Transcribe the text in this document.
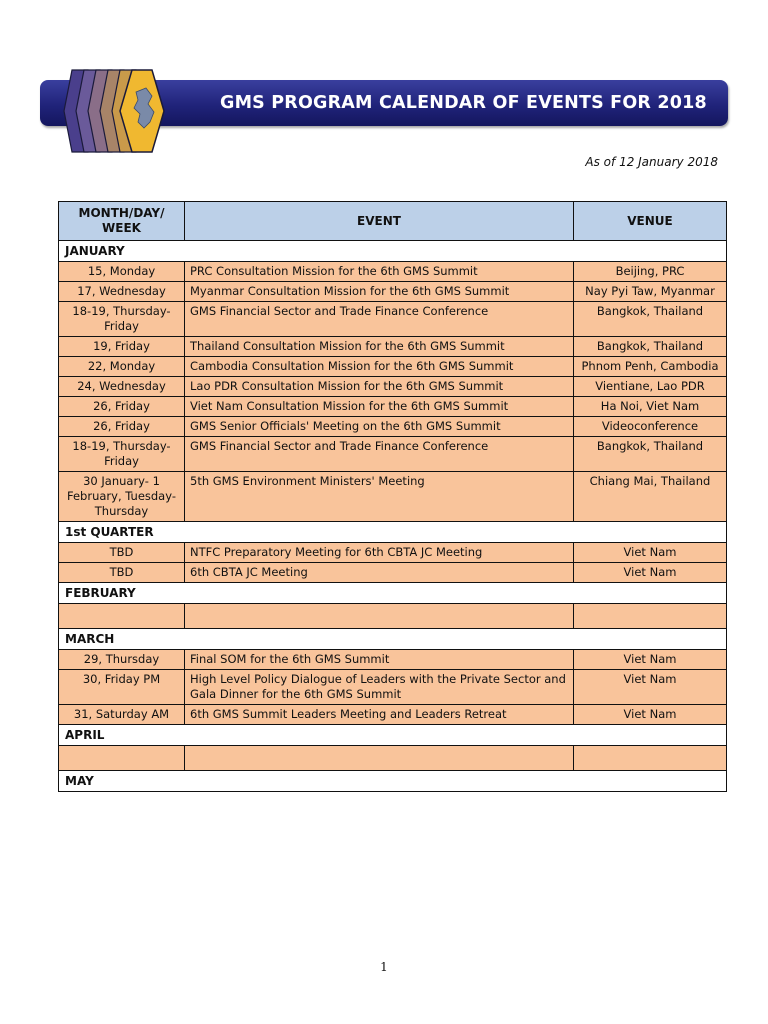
GMS PROGRAM CALENDAR OF EVENTS FOR 2018
As of 12 January 2018
MONTH/DAY/ WEEK	EVENT	VENUE
JANUARY		
15, Monday	PRC Consultation Mission for the 6th GMS Summit	Beijing, PRC
17, Wednesday	Myanmar Consultation Mission for the 6th GMS Summit	Nay Pyi Taw, Myanmar
18-19, Thursday-Friday	GMS Financial Sector and Trade Finance Conference	Bangkok, Thailand
19, Friday	Thailand Consultation Mission for the 6th GMS Summit	Bangkok, Thailand
22, Monday	Cambodia Consultation Mission for the 6th GMS Summit	Phnom Penh, Cambodia
24, Wednesday	Lao PDR Consultation Mission for the 6th GMS Summit	Vientiane, Lao PDR
26, Friday	Viet Nam Consultation Mission for the 6th GMS Summit	Ha Noi, Viet Nam
26, Friday	GMS Senior Officials' Meeting on the 6th GMS Summit	Videoconference
18-19, Thursday-Friday	GMS Financial Sector and Trade Finance Conference	Bangkok, Thailand
30 January- 1 February, Tuesday-Thursday	5th GMS Environment Ministers' Meeting	Chiang Mai, Thailand
1st QUARTER		
TBD	NTFC Preparatory Meeting for 6th CBTA JC Meeting	Viet Nam
TBD	6th CBTA JC Meeting	Viet Nam
FEBRUARY		

MARCH		
29, Thursday	Final SOM for the 6th GMS Summit	Viet Nam
30, Friday PM	High Level Policy Dialogue of Leaders with the Private Sector and Gala Dinner for the 6th GMS Summit	Viet Nam
31, Saturday AM	6th GMS Summit Leaders Meeting and Leaders Retreat	Viet Nam
APRIL		

MAY		
1
